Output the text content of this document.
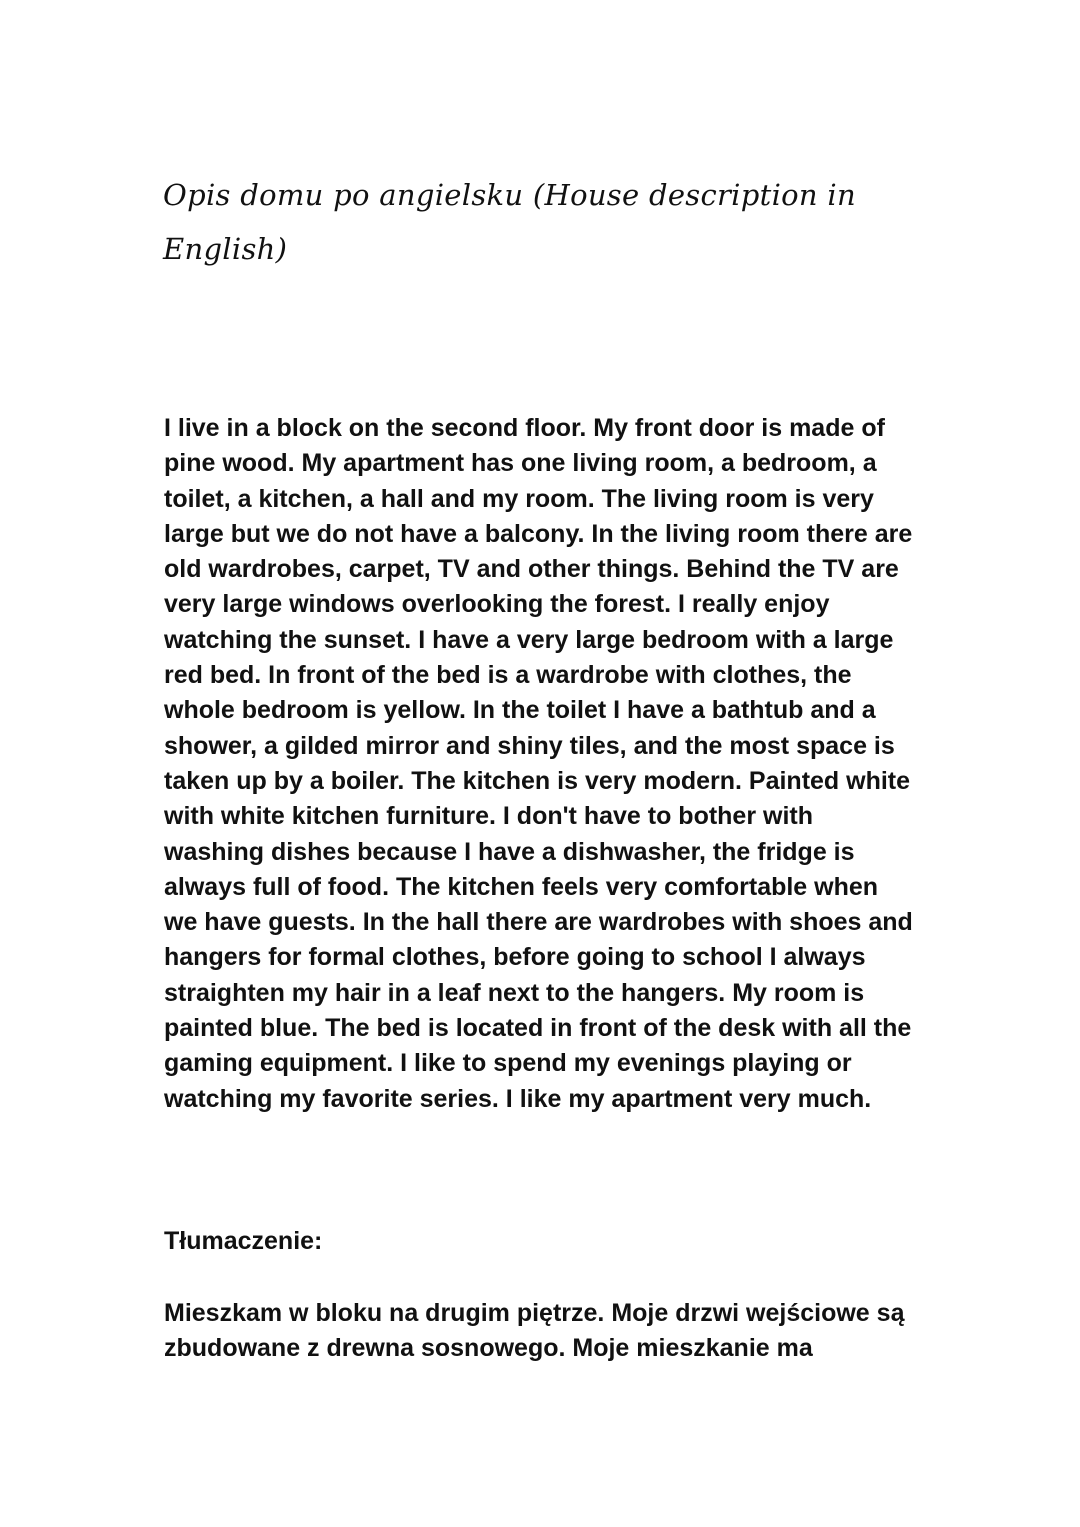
Opis domu po angielsku (House description in English)

I live in a block on the second floor. My front door is made of pine wood. My apartment has one living room, a bedroom, a toilet, a kitchen, a hall and my room. The living room is very large but we do not have a balcony. In the living room there are old wardrobes, carpet, TV and other things. Behind the TV are very large windows overlooking the forest. I really enjoy watching the sunset. I have a very large bedroom with a large red bed. In front of the bed is a wardrobe with clothes, the whole bedroom is yellow. In the toilet I have a bathtub and a shower, a gilded mirror and shiny tiles, and the most space is taken up by a boiler. The kitchen is very modern. Painted white with white kitchen furniture. I don't have to bother with washing dishes because I have a dishwasher, the fridge is always full of food. The kitchen feels very comfortable when we have guests. In the hall there are wardrobes with shoes and hangers for formal clothes, before going to school I always straighten my hair in a leaf next to the hangers. My room is painted blue. The bed is located in front of the desk with all the gaming equipment. I like to spend my evenings playing or watching my favorite series. I like my apartment very much.

Tłumaczenie:

Mieszkam w bloku na drugim piętrze. Moje drzwi wejściowe są zbudowane z drewna sosnowego. Moje mieszkanie ma
